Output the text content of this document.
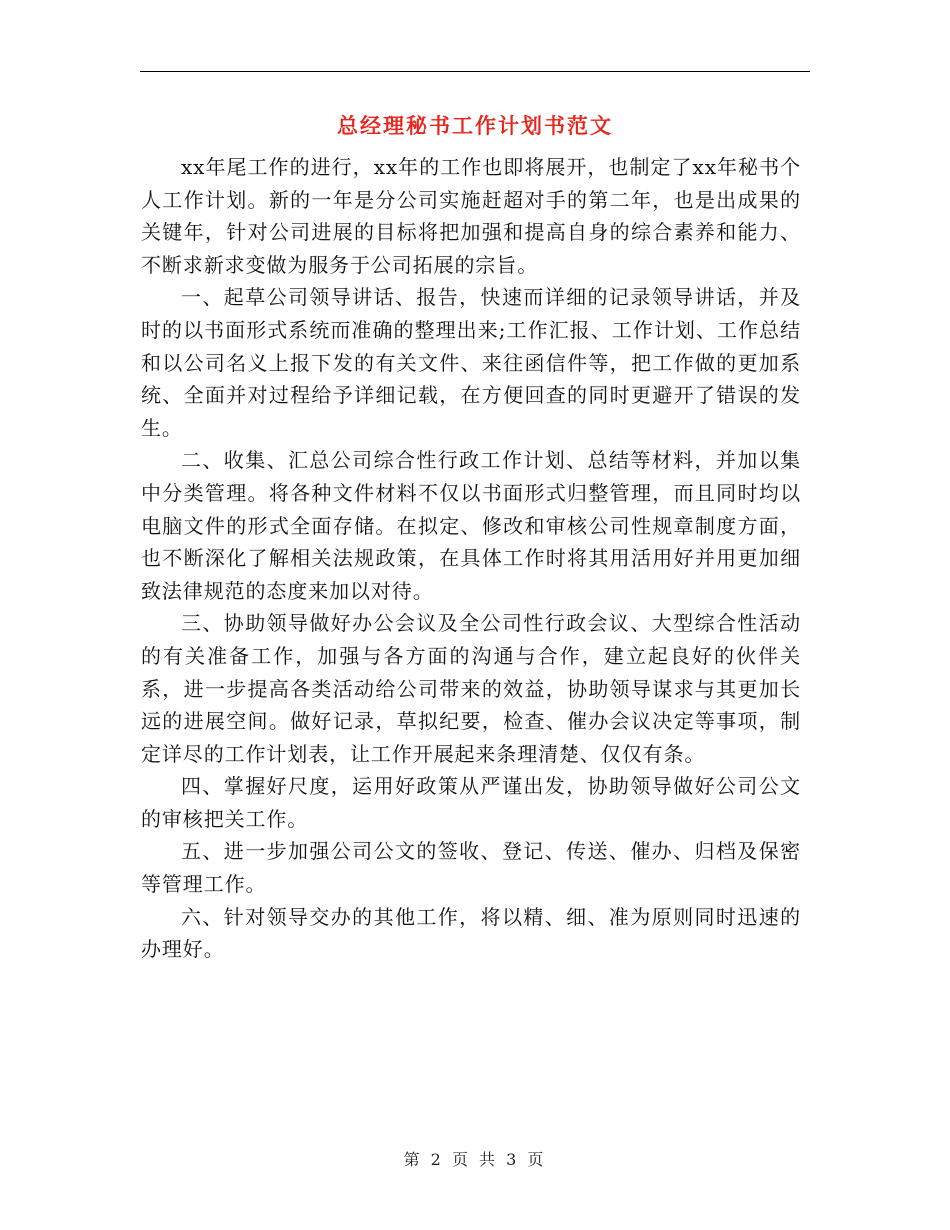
总经理秘书工作计划书范文

xx年尾工作的进行，xx年的工作也即将展开，也制定了xx年秘书个人工作计划。新的一年是分公司实施赶超对手的第二年，也是出成果的关键年，针对公司进展的目标将把加强和提高自身的综合素养和能力、不断求新求变做为服务于公司拓展的宗旨。

一、起草公司领导讲话、报告，快速而详细的记录领导讲话，并及时的以书面形式系统而准确的整理出来;工作汇报、工作计划、工作总结和以公司名义上报下发的有关文件、来往函信件等，把工作做的更加系统、全面并对过程给予详细记载，在方便回查的同时更避开了错误的发生。

二、收集、汇总公司综合性行政工作计划、总结等材料，并加以集中分类管理。将各种文件材料不仅以书面形式归整管理，而且同时均以电脑文件的形式全面存储。在拟定、修改和审核公司性规章制度方面，也不断深化了解相关法规政策，在具体工作时将其用活用好并用更加细致法律规范的态度来加以对待。

三、协助领导做好办公会议及全公司性行政会议、大型综合性活动的有关准备工作，加强与各方面的沟通与合作，建立起良好的伙伴关系，进一步提高各类活动给公司带来的效益，协助领导谋求与其更加长远的进展空间。做好记录，草拟纪要，检查、催办会议决定等事项，制定详尽的工作计划表，让工作开展起来条理清楚、仅仅有条。

四、掌握好尺度，运用好政策从严谨出发，协助领导做好公司公文的审核把关工作。

五、进一步加强公司公文的签收、登记、传送、催办、归档及保密等管理工作。

六、针对领导交办的其他工作，将以精、细、准为原则同时迅速的办理好。

第 2 页 共 3 页
